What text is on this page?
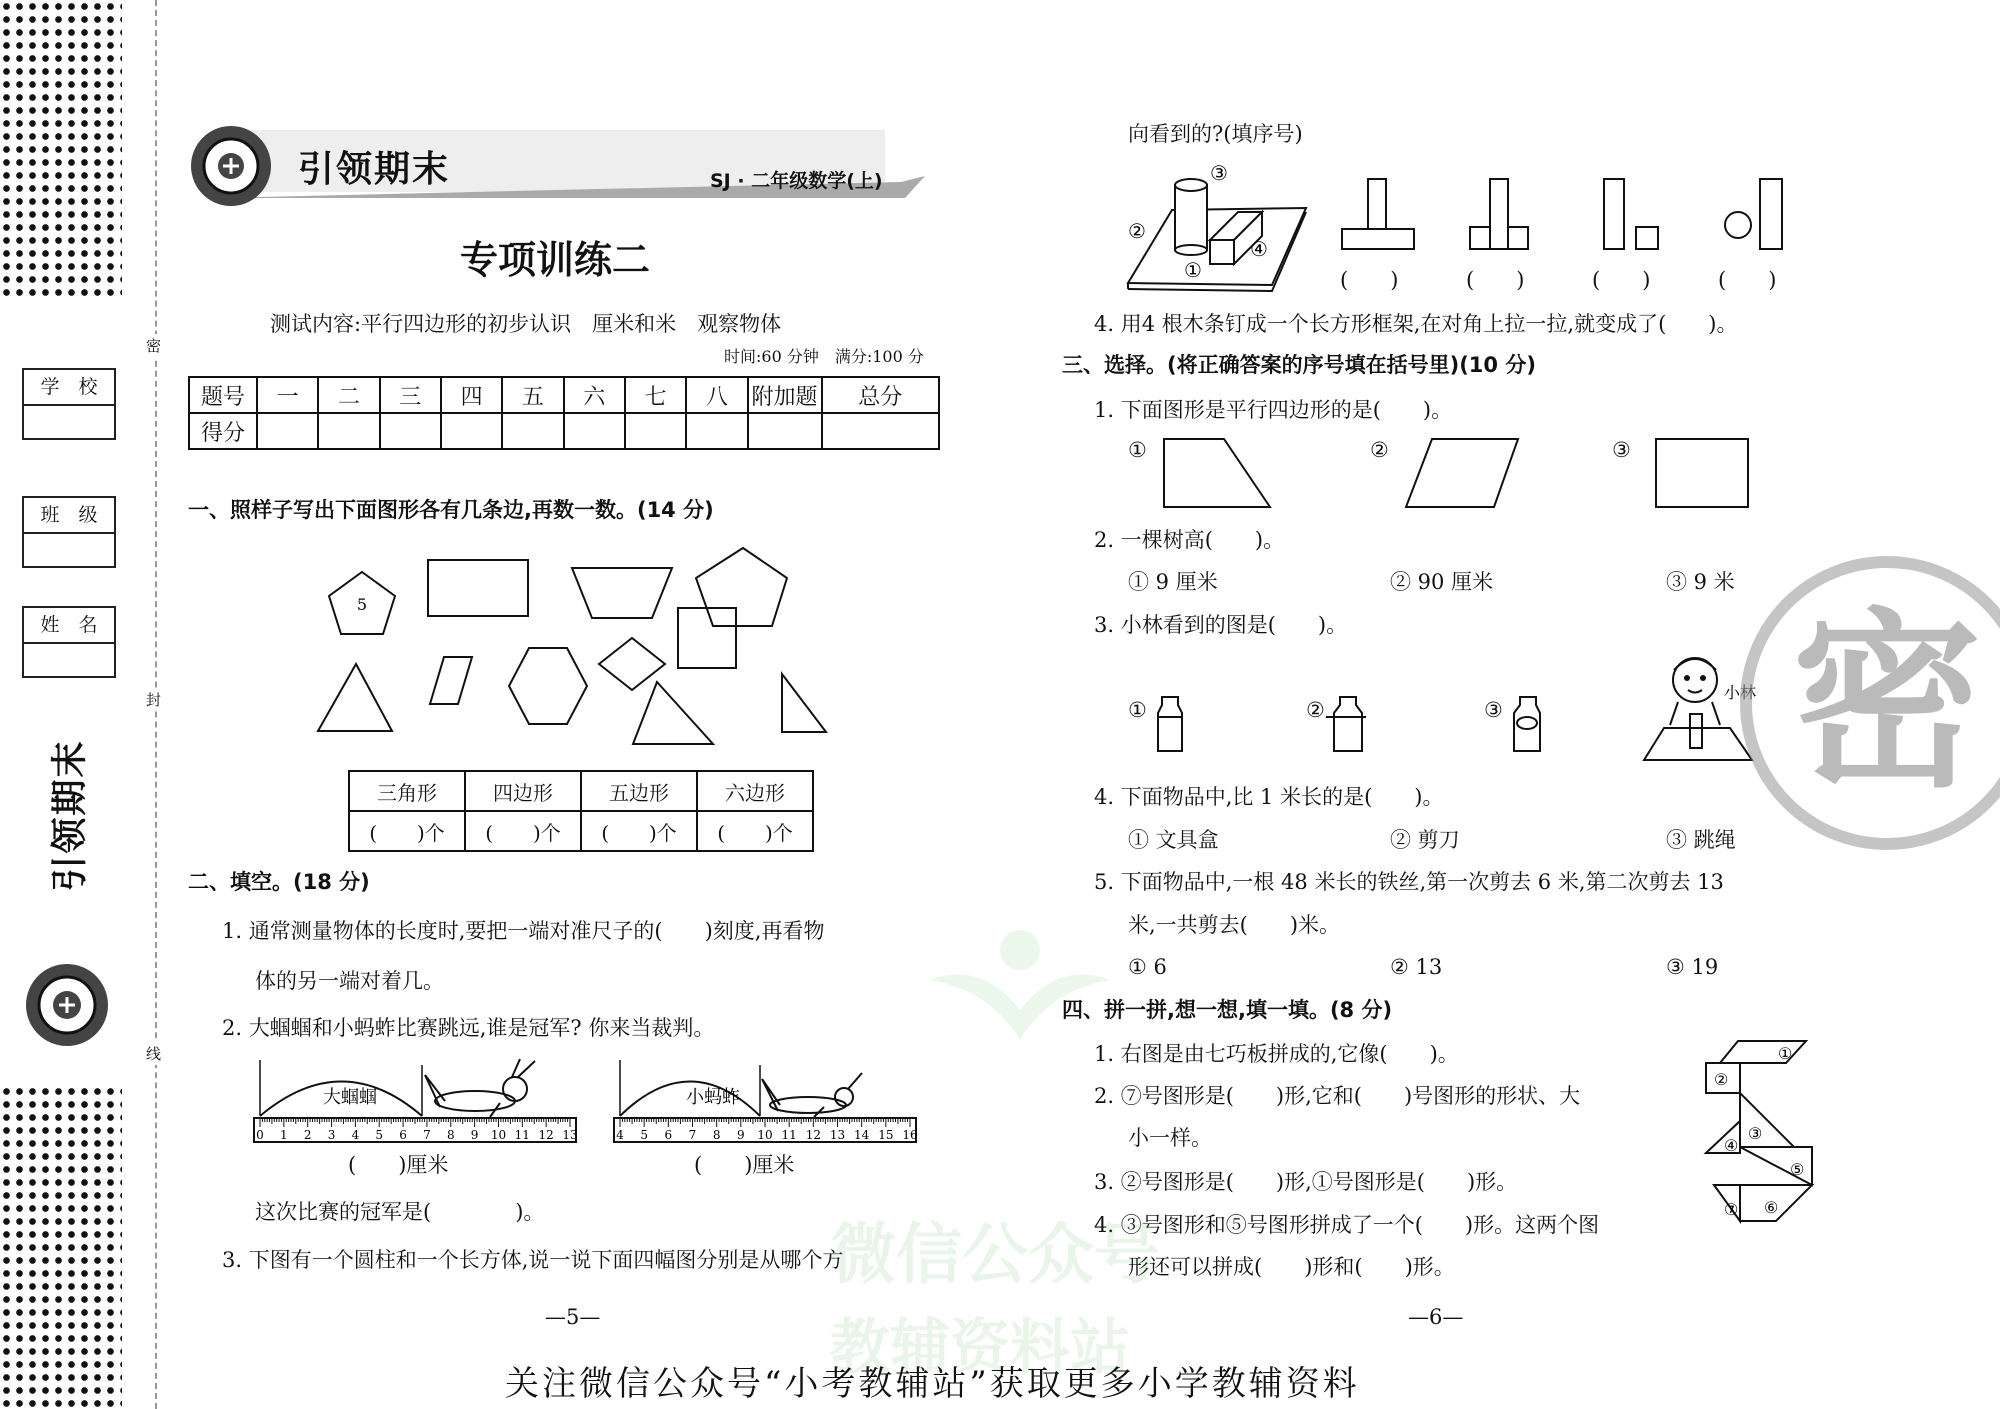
学　校
班　级
姓　名
密
封
线
引领期末
引领期末	SJ · 二年级数学(上)
专项训练二
测试内容:平行四边形的初步认识　厘米和米　观察物体
时间:60 分钟　满分:100 分
题号	一	二	三	四	五	六	七	八	附加题	总分
得分										
一、照样子写出下面图形各有几条边,再数一数。(14 分)
5
三角形	四边形	五边形	六边形
(　　)个	(　　)个	(　　)个	(　　)个
二、填空。(18 分)
1. 通常测量物体的长度时,要把一端对准尺子的(　　)刻度,再看物
体的另一端对着几。
2. 大蝈蝈和小蚂蚱比赛跳远,谁是冠军? 你来当裁判。
大蝈蝈	小蚂蚱
0 1 2 3 4 5 6 7 8 9 10 11 12 13	4 5 6 7 8 9 10 11 12 13 14 15 16
(　　)厘米	(　　)厘米
这次比赛的冠军是(　　　　)。
3. 下图有一个圆柱和一个长方体,说一说下面四幅图分别是从哪个方
—5—
向看到的?(填序号)
③
②
④
①	(　　)	(　　)	(　　)	(　　)
4. 用4 根木条钉成一个长方形框架,在对角上拉一拉,就变成了(　　)。
三、选择。(将正确答案的序号填在括号里)(10 分)
1. 下面图形是平行四边形的是(　　)。
①	②	③
2. 一棵树高(　　)。
① 9 厘米	② 90 厘米	③ 9 米
3. 小林看到的图是(　　)。
①	②	③
小林
4. 下面物品中,比 1 米长的是(　　)。
① 文具盒	② 剪刀	③ 跳绳
5. 下面物品中,一根 48 米长的铁丝,第一次剪去 6 米,第二次剪去 13
米,一共剪去(　　)米。
① 6	② 13	③ 19
四、拼一拼,想一想,填一填。(8 分)
1. 右图是由七巧板拼成的,它像(　　)。
2. ⑦号图形是(　　)形,它和(　　)号图形的形状、大
小一样。
3. ②号图形是(　　)形,①号图形是(　　)形。
4. ③号图形和⑤号图形拼成了一个(　　)形。这两个图
形还可以拼成(　　)形和(　　)形。
①
②
③
④
⑤
⑥
⑦
—6—
密
微信公众号
教辅资料站
关注微信公众号“小考教辅站”获取更多小学教辅资料
